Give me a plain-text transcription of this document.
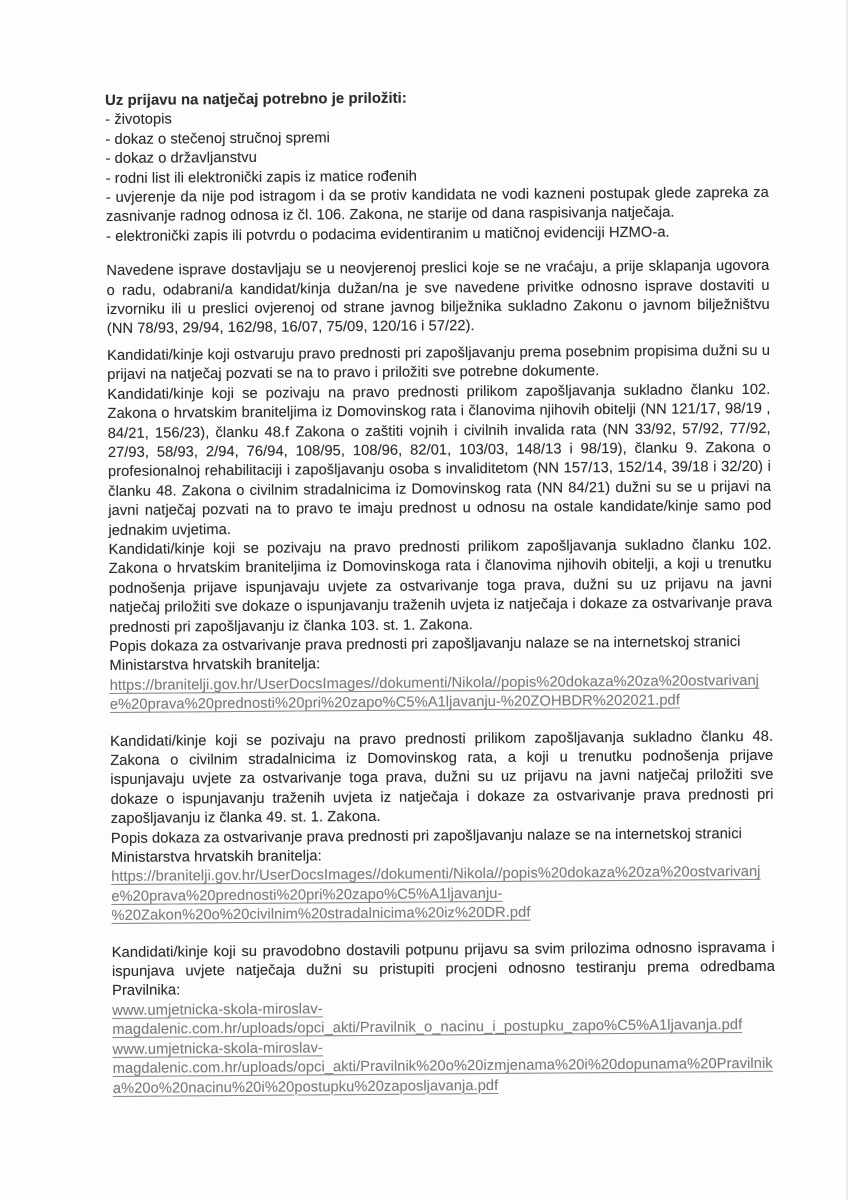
Uz prijavu na natječaj potrebno je priložiti:

- životopis

- dokaz o stečenoj stručnoj spremi

- dokaz o državljanstvu

- rodni list ili elektronički zapis iz matice rođenih

- uvjerenje da nije pod istragom i da se protiv kandidata ne vodi kazneni postupak glede zapreka za zasnivanje radnog odnosa iz čl. 106. Zakona, ne starije od dana raspisivanja natječaja.

- elektronički zapis ili potvrdu o podacima evidentiranim u matičnoj evidenciji HZMO-a.

Navedene isprave dostavljaju se u neovjerenoj preslici koje se ne vraćaju, a prije sklapanja ugovora o radu, odabrani/a kandidat/kinja dužan/na je sve navedene privitke odnosno isprave dostaviti u izvorniku ili u preslici ovjerenoj od strane javnog bilježnika sukladno Zakonu o javnom bilježništvu (NN 78/93, 29/94, 162/98, 16/07, 75/09, 120/16 i 57/22).

Kandidati/kinje koji ostvaruju pravo prednosti pri zapošljavanju prema posebnim propisima dužni su u prijavi na natječaj pozvati se na to pravo i priložiti sve potrebne dokumente.

Kandidati/kinje koji se pozivaju na pravo prednosti prilikom zapošljavanja sukladno članku 102. Zakona o hrvatskim braniteljima iz Domovinskog rata i članovima njihovih obitelji (NN 121/17, 98/19 , 84/21, 156/23), članku 48.f Zakona o zaštiti vojnih i civilnih invalida rata (NN 33/92, 57/92, 77/92, 27/93, 58/93, 2/94, 76/94, 108/95, 108/96, 82/01, 103/03, 148/13 i 98/19), članku 9. Zakona o profesionalnoj rehabilitaciji i zapošljavanju osoba s invaliditetom (NN 157/13, 152/14, 39/18 i 32/20) i članku 48. Zakona o civilnim stradalnicima iz Domovinskog rata (NN 84/21) dužni su se u prijavi na javni natječaj pozvati na to pravo te imaju prednost u odnosu na ostale kandidate/kinje samo pod jednakim uvjetima.

Kandidati/kinje koji se pozivaju na pravo prednosti prilikom zapošljavanja sukladno članku 102. Zakona o hrvatskim braniteljima iz Domovinskoga rata i članovima njihovih obitelji, a koji u trenutku podnošenja prijave ispunjavaju uvjete za ostvarivanje toga prava, dužni su uz prijavu na javni natječaj priložiti sve dokaze o ispunjavanju traženih uvjeta iz natječaja i dokaze za ostvarivanje prava prednosti pri zapošljavanju iz članka 103. st. 1. Zakona.

Popis dokaza za ostvarivanje prava prednosti pri zapošljavanju nalaze se na internetskoj stranici Ministarstva hrvatskih branitelja:

https://branitelji.gov.hr/UserDocsImages//dokumenti/Nikola//popis%20dokaza%20za%20ostvarivanj
e%20prava%20prednosti%20pri%20zapo%C5%A1ljavanju-%20ZOHBDR%202021.pdf

Kandidati/kinje koji se pozivaju na pravo prednosti prilikom zapošljavanja sukladno članku 48. Zakona o civilnim stradalnicima iz Domovinskog rata, a koji u trenutku podnošenja prijave ispunjavaju uvjete za ostvarivanje toga prava, dužni su uz prijavu na javni natječaj priložiti sve dokaze o ispunjavanju traženih uvjeta iz natječaja i dokaze za ostvarivanje prava prednosti pri zapošljavanju iz članka 49. st. 1. Zakona.

Popis dokaza za ostvarivanje prava prednosti pri zapošljavanju nalaze se na internetskoj stranici Ministarstva hrvatskih branitelja:

https://branitelji.gov.hr/UserDocsImages//dokumenti/Nikola//popis%20dokaza%20za%20ostvarivanj
e%20prava%20prednosti%20pri%20zapo%C5%A1ljavanju-
%20Zakon%20o%20civilnim%20stradalnicima%20iz%20DR.pdf

Kandidati/kinje koji su pravodobno dostavili potpunu prijavu sa svim prilozima odnosno ispravama i ispunjava uvjete natječaja dužni su pristupiti procjeni odnosno testiranju prema odredbama Pravilnika:

www.umjetnicka-skola-miroslav-
magdalenic.com.hr/uploads/opci_akti/Pravilnik_o_nacinu_i_postupku_zapo%C5%A1ljavanja.pdf
www.umjetnicka-skola-miroslav-
magdalenic.com.hr/uploads/opci_akti/Pravilnik%20o%20izmjenama%20i%20dopunama%20Pravilnik
a%20o%20nacinu%20i%20postupku%20zaposljavanja.pdf
